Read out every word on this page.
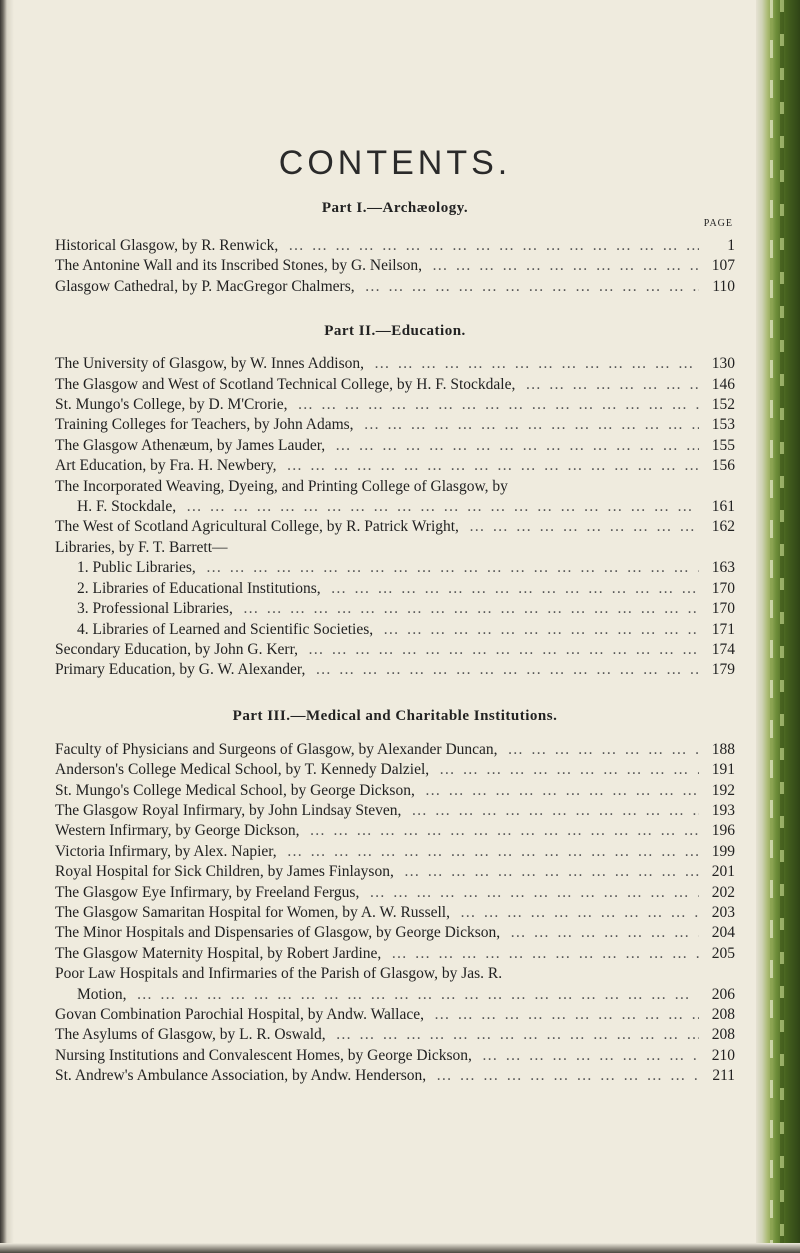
CONTENTS.
Part I.—Archæology.
PAGE
Historical Glasgow, by R. Renwick, … … … … … … … … … … … … … … … … … … … … … … … … … …	1
The Antonine Wall and its Inscribed Stones, by G. Neilson, … … … … … … … … … … … … … … … … … … … … … … … … … …	107
Glasgow Cathedral, by P. MacGregor Chalmers, … … … … … … … … … … … … … … … … … … … … … … … … … …	110
Part II.—Education.
The University of Glasgow, by W. Innes Addison, … … … … … … … … … … … … … … … … … … … … … … … … … …	130
The Glasgow and West of Scotland Technical College, by H. F. Stockdale, … … … … … … … … … … … … … … … … … … … … … … … … … …	146
St. Mungo's College, by D. M'Crorie, … … … … … … … … … … … … … … … … … … … … … … … … … …	152
Training Colleges for Teachers, by John Adams, … … … … … … … … … … … … … … … … … … … … … … … … … …	153
The Glasgow Athenæum, by James Lauder, … … … … … … … … … … … … … … … … … … … … … … … … … …	155
Art Education, by Fra. H. Newbery, … … … … … … … … … … … … … … … … … … … … … … … … … …	156
The Incorporated Weaving, Dyeing, and Printing College of Glasgow, by
H. F. Stockdale, … … … … … … … … … … … … … … … … … … … … … … … … … …	161
The West of Scotland Agricultural College, by R. Patrick Wright, … … … … … … … … … … … … … … … … … … … … … … … … … …	162
Libraries, by F. T. Barrett—
1. Public Libraries, … … … … … … … … … … … … … … … … … … … … … … … … … …	163
2. Libraries of Educational Institutions, … … … … … … … … … … … … … … … … … … … … … … … … … …	170
3. Professional Libraries, … … … … … … … … … … … … … … … … … … … … … … … … … …	170
4. Libraries of Learned and Scientific Societies, … … … … … … … … … … … … … … … … … … … … … … … … … …	171
Secondary Education, by John G. Kerr, … … … … … … … … … … … … … … … … … … … … … … … … … …	174
Primary Education, by G. W. Alexander, … … … … … … … … … … … … … … … … … … … … … … … … … …	179
Part III.—Medical and Charitable Institutions.
Faculty of Physicians and Surgeons of Glasgow, by Alexander Duncan, … … … … … … … … … … … … … … … … … … … … … … … … … …	188
Anderson's College Medical School, by T. Kennedy Dalziel, … … … … … … … … … … … … … … … … … … … … … … … … … …	191
St. Mungo's College Medical School, by George Dickson, … … … … … … … … … … … … … … … … … … … … … … … … … …	192
The Glasgow Royal Infirmary, by John Lindsay Steven, … … … … … … … … … … … … … … … … … … … … … … … … … …	193
Western Infirmary, by George Dickson, … … … … … … … … … … … … … … … … … … … … … … … … … …	196
Victoria Infirmary, by Alex. Napier, … … … … … … … … … … … … … … … … … … … … … … … … … …	199
Royal Hospital for Sick Children, by James Finlayson, … … … … … … … … … … … … … … … … … … … … … … … … … …	201
The Glasgow Eye Infirmary, by Freeland Fergus, … … … … … … … … … … … … … … … … … … … … … … … … … …	202
The Glasgow Samaritan Hospital for Women, by A. W. Russell, … … … … … … … … … … … … … … … … … … … … … … … … … …	203
The Minor Hospitals and Dispensaries of Glasgow, by George Dickson, … … … … … … … … … … … … … … … … … … … … … … … … … …	204
The Glasgow Maternity Hospital, by Robert Jardine, … … … … … … … … … … … … … … … … … … … … … … … … … …	205
Poor Law Hospitals and Infirmaries of the Parish of Glasgow, by Jas. R.
Motion, … … … … … … … … … … … … … … … … … … … … … … … … … …	206
Govan Combination Parochial Hospital, by Andw. Wallace, … … … … … … … … … … … … … … … … … … … … … … … … … …	208
The Asylums of Glasgow, by L. R. Oswald, … … … … … … … … … … … … … … … … … … … … … … … … … …	208
Nursing Institutions and Convalescent Homes, by George Dickson, … … … … … … … … … … … … … … … … … … … … … … … … … …	210
St. Andrew's Ambulance Association, by Andw. Henderson, … … … … … … … … … … … … … … … … … … … … … … … … … …	211
